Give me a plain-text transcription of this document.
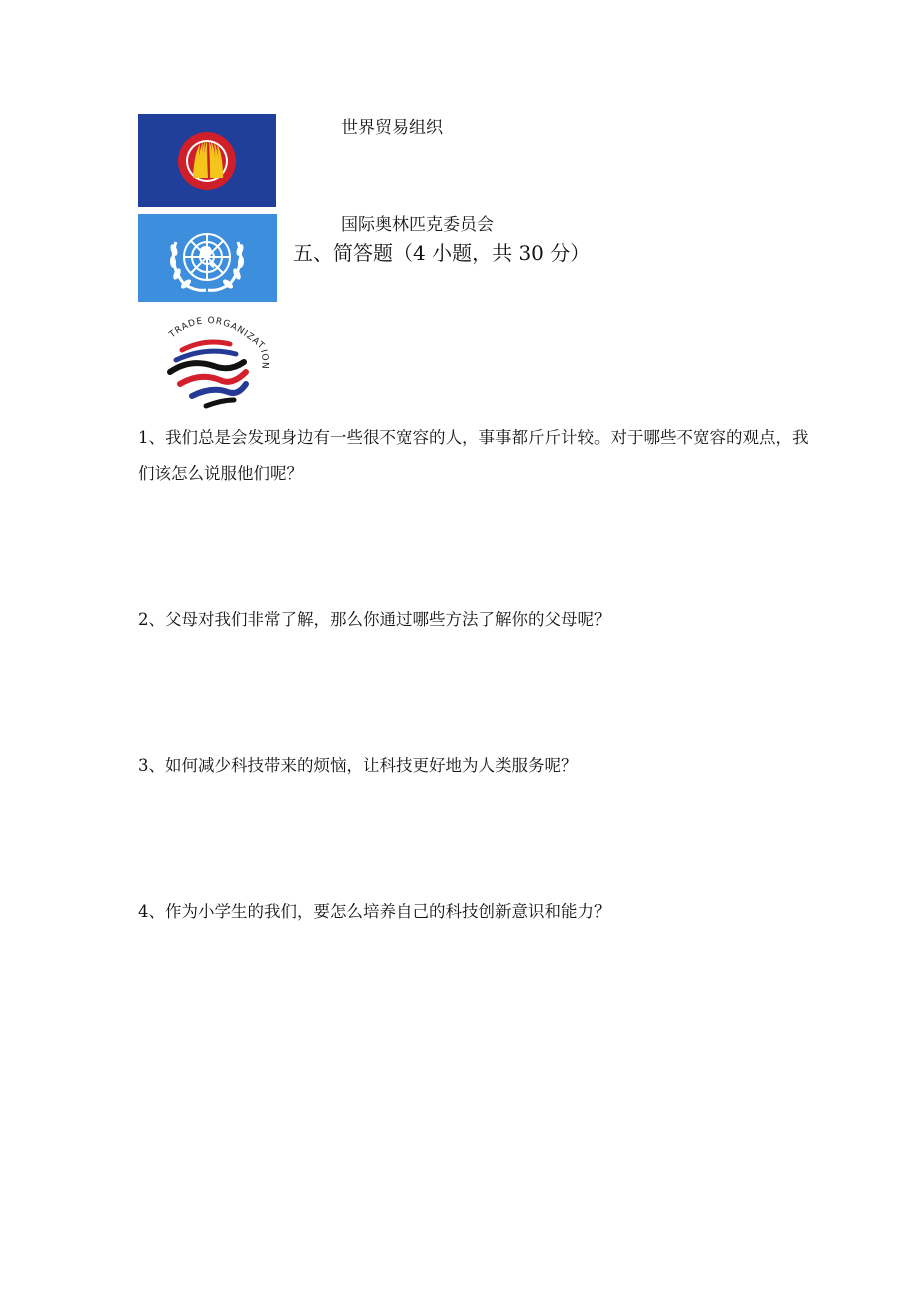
TRADE ORGANIZATION
世界贸易组织
国际奥林匹克委员会
五、简答题（4 小题，共 30 分）
1、我们总是会发现身边有一些很不宽容的人，事事都斤斤计较。对于哪些不宽容的观点，我们该怎么说服他们呢？
2、父母对我们非常了解，那么你通过哪些方法了解你的父母呢？
3、如何减少科技带来的烦恼，让科技更好地为人类服务呢？
4、作为小学生的我们，要怎么培养自己的科技创新意识和能力？
